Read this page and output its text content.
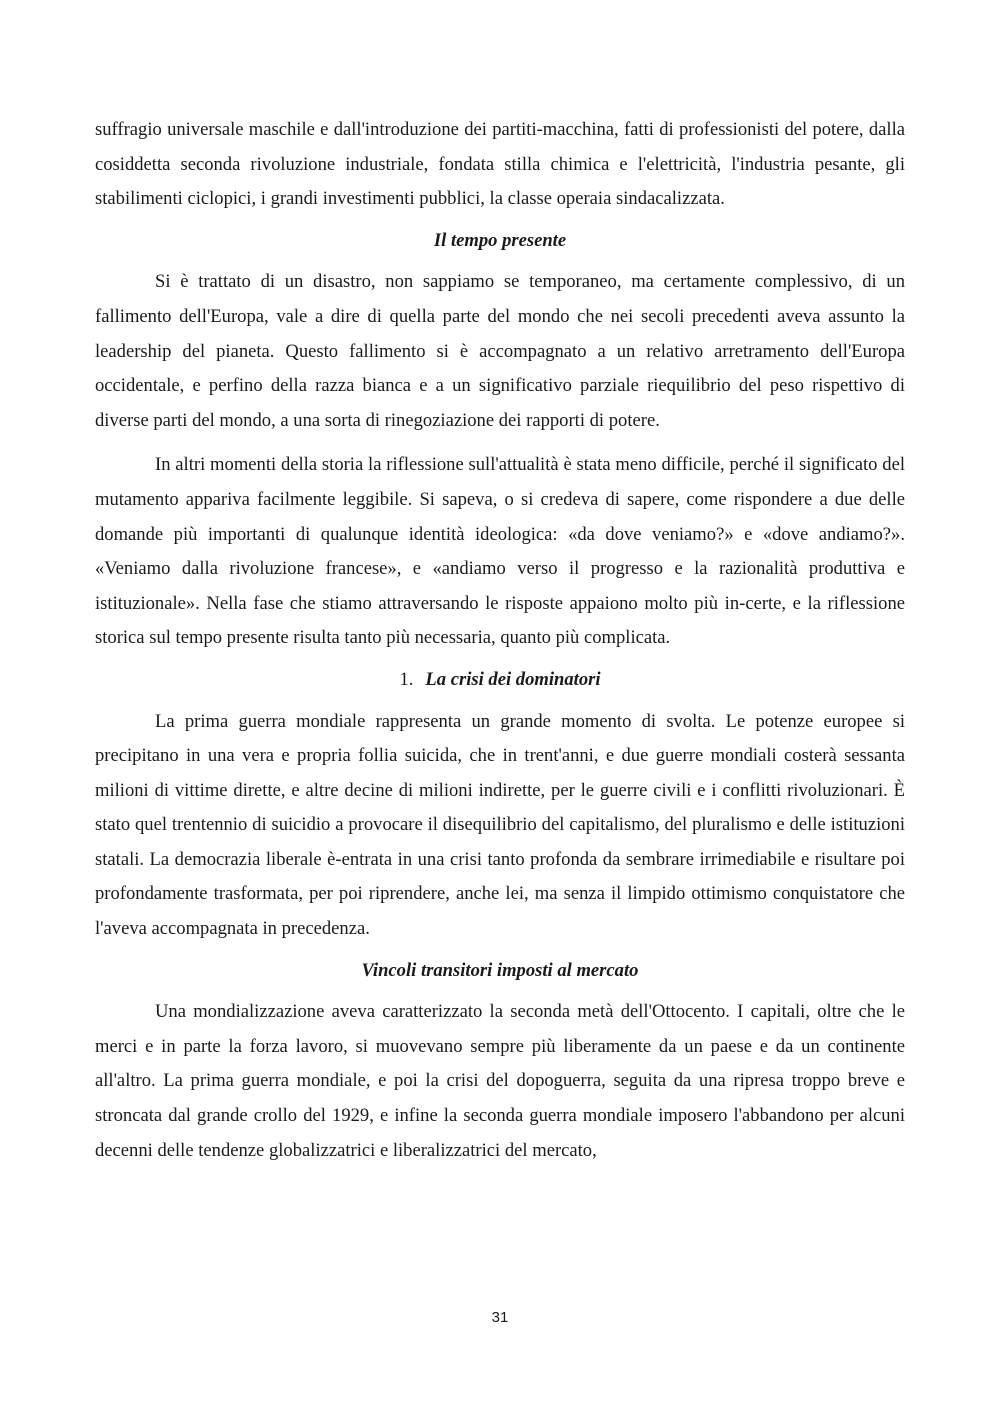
suffragio universale maschile e dall'introduzione dei partiti-macchina, fatti di professionisti del potere, dalla cosiddetta seconda rivoluzione industriale, fondata stilla chimica e l'elettricità, l'industria pesante, gli stabilimenti ciclopici, i grandi investimenti pubblici, la classe operaia sindacalizzata.

Il tempo presente

Si è trattato di un disastro, non sappiamo se temporaneo, ma certamente complessivo, di un fallimento dell'Europa, vale a dire di quella parte del mondo che nei secoli precedenti aveva assunto la leadership del pianeta. Questo fallimento si è accompagnato a un relativo arretramento dell'Europa occidentale, e perfino della razza bianca e a un significativo parziale riequilibrio del peso rispettivo di diverse parti del mondo, a una sorta di rinegoziazione dei rapporti di potere.

In altri momenti della storia la riflessione sull'attualità è stata meno difficile, perché il significato del mutamento appariva facilmente leggibile. Si sapeva, o si credeva di sapere, come rispondere a due delle domande più importanti di qualunque identità ideologica: «da dove veniamo?» e «dove andiamo?». «Veniamo dalla rivoluzione francese», e «andiamo verso il progresso e la razionalità produttiva e istituzionale». Nella fase che stiamo attraversando le risposte appaiono molto più in-certe, e la riflessione storica sul tempo presente risulta tanto più necessaria, quanto più complicata.

1. La crisi dei dominatori

La prima guerra mondiale rappresenta un grande momento di svolta. Le potenze europee si precipitano in una vera e propria follia suicida, che in trent'anni, e due guerre mondiali costerà sessanta milioni di vittime dirette, e altre decine di milioni indirette, per le guerre civili e i conflitti rivoluzionari. È stato quel trentennio di suicidio a provocare il disequilibrio del capitalismo, del pluralismo e delle istituzioni statali. La democrazia liberale è-entrata in una crisi tanto profonda da sembrare irrimediabile e risultare poi profondamente trasformata, per poi riprendere, anche lei, ma senza il limpido ottimismo conquistatore che l'aveva accompagnata in precedenza.

Vincoli transitori imposti al mercato

Una mondializzazione aveva caratterizzato la seconda metà dell'Ottocento. I capitali, oltre che le merci e in parte la forza lavoro, si muovevano sempre più liberamente da un paese e da un continente all'altro. La prima guerra mondiale, e poi la crisi del dopoguerra, seguita da una ripresa troppo breve e stroncata dal grande crollo del 1929, e infine la seconda guerra mondiale imposero l'abbandono per alcuni decenni delle tendenze globalizzatrici e liberalizzatrici del mercato,

31
